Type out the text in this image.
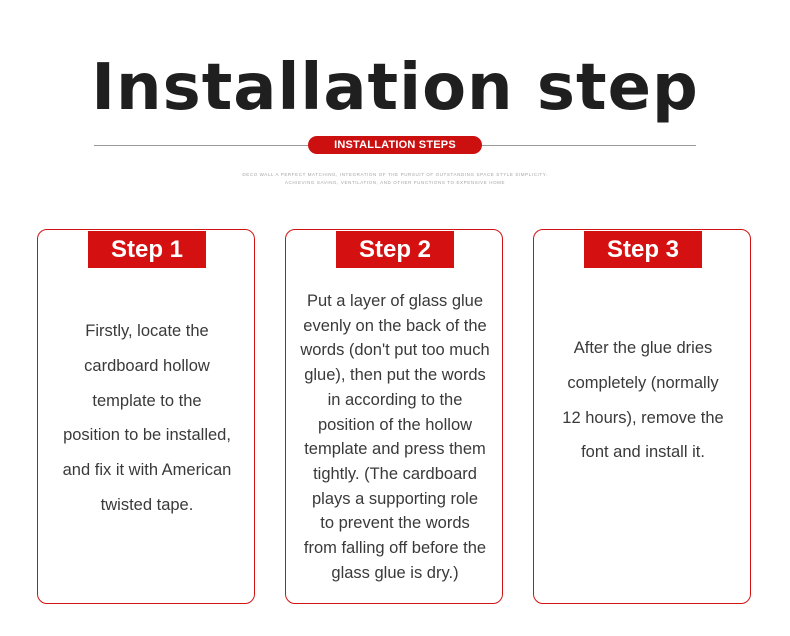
Installation step
INSTALLATION STEPS
DECO WALL A PERFECT MATCHING, INTEGRATION OF THE PURSUIT OF OUTSTANDING SPACE STYLE SIMPLICITY. ACHIEVING SAVING, VENTILATION, AND OTHER FUNCTIONS TO EXPENSIVE HOME
Step 1
Firstly, locate the
cardboard hollow
template to the
position to be installed,
and fix it with American
twisted tape.
Step 2
Put a layer of glass glue
evenly on the back of the
words (don't put too much
glue), then put the words
in according to the
position of the hollow
template and press them
tightly. (The cardboard
plays a supporting role
to prevent the words
from falling off before the
glass glue is dry.)
Step 3
After the glue dries
completely (normally
12 hours), remove the
font and install it.
